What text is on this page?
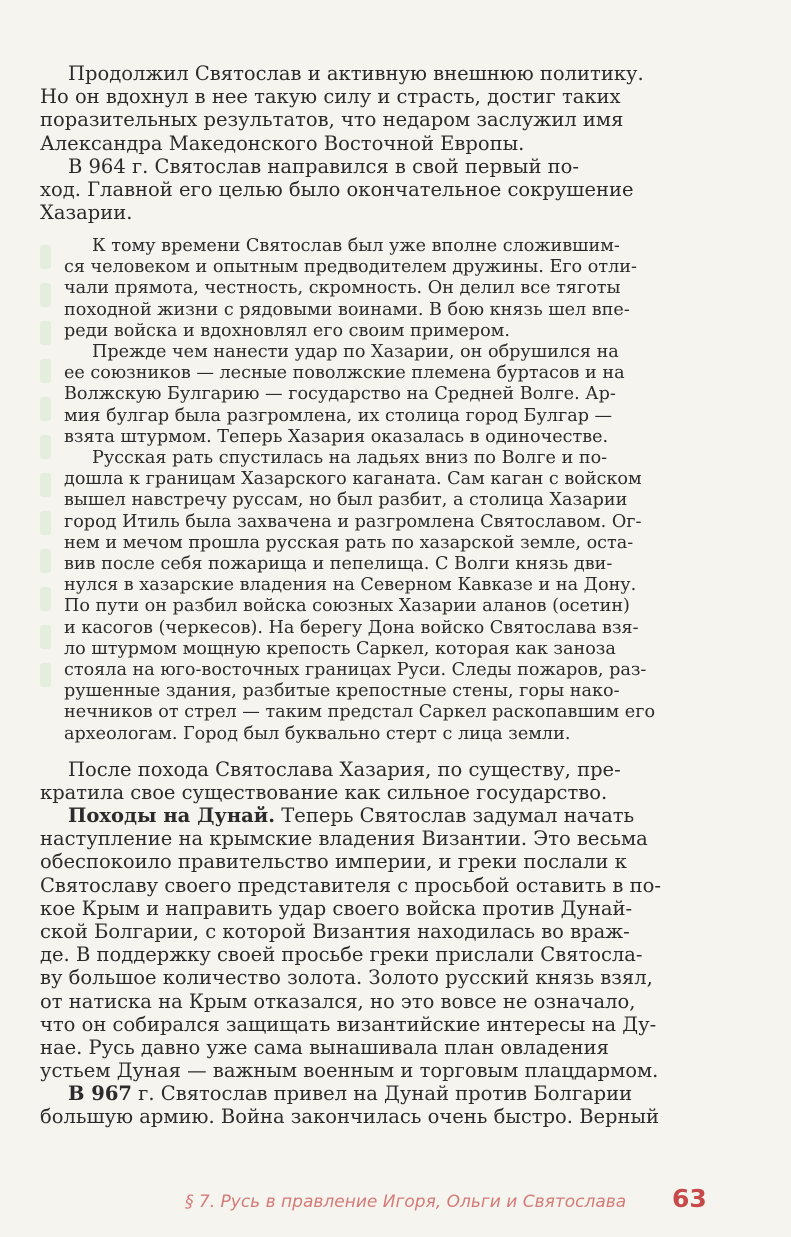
Продолжил Святослав и активную внешнюю политику.
Но он вдохнул в нее такую силу и страсть, достиг таких
поразительных результатов, что недаром заслужил имя
Александра Македонского Восточной Европы.
В 964 г. Святослав направился в свой первый по-
ход. Главной его целью было окончательное сокрушение
Хазарии.
К тому времени Святослав был уже вполне сложившим-
ся человеком и опытным предводителем дружины. Его отли-
чали прямота, честность, скромность. Он делил все тяготы
походной жизни с рядовыми воинами. В бою князь шел впе-
реди войска и вдохновлял его своим примером.
Прежде чем нанести удар по Хазарии, он обрушился на
ее союзников — лесные поволжские племена буртасов и на
Волжскую Булгарию — государство на Средней Волге. Ар-
мия булгар была разгромлена, их столица город Булгар —
взята штурмом. Теперь Хазария оказалась в одиночестве.
Русская рать спустилась на ладьях вниз по Волге и по-
дошла к границам Хазарского каганата. Сам каган с войском
вышел навстречу руссам, но был разбит, а столица Хазарии
город Итиль была захвачена и разгромлена Святославом. Ог-
нем и мечом прошла русская рать по хазарской земле, оста-
вив после себя пожарища и пепелища. С Волги князь дви-
нулся в хазарские владения на Северном Кавказе и на Дону.
По пути он разбил войска союзных Хазарии аланов (осетин)
и касогов (черкесов). На берегу Дона войско Святослава взя-
ло штурмом мощную крепость Саркел, которая как заноза
стояла на юго-восточных границах Руси. Следы пожаров, раз-
рушенные здания, разбитые крепостные стены, горы нако-
нечников от стрел — таким предстал Саркел раскопавшим его
археологам. Город был буквально стерт с лица земли.
После похода Святослава Хазария, по существу, пре-
кратила свое существование как сильное государство.
Походы на Дунай. Теперь Святослав задумал начать
наступление на крымские владения Византии. Это весьма
обеспокоило правительство империи, и греки послали к
Святославу своего представителя с просьбой оставить в по-
кое Крым и направить удар своего войска против Дунай-
ской Болгарии, с которой Византия находилась во враж-
де. В поддержку своей просьбе греки прислали Святосла-
ву большое количество золота. Золото русский князь взял,
от натиска на Крым отказался, но это вовсе не означало,
что он собирался защищать византийские интересы на Ду-
нае. Русь давно уже сама вынашивала план овладения
устьем Дуная — важным военным и торговым плацдармом.
В 967 г. Святослав привел на Дунай против Болгарии
большую армию. Война закончилась очень быстро. Верный
§ 7. Русь в правление Игоря, Ольги и Святослава 63
